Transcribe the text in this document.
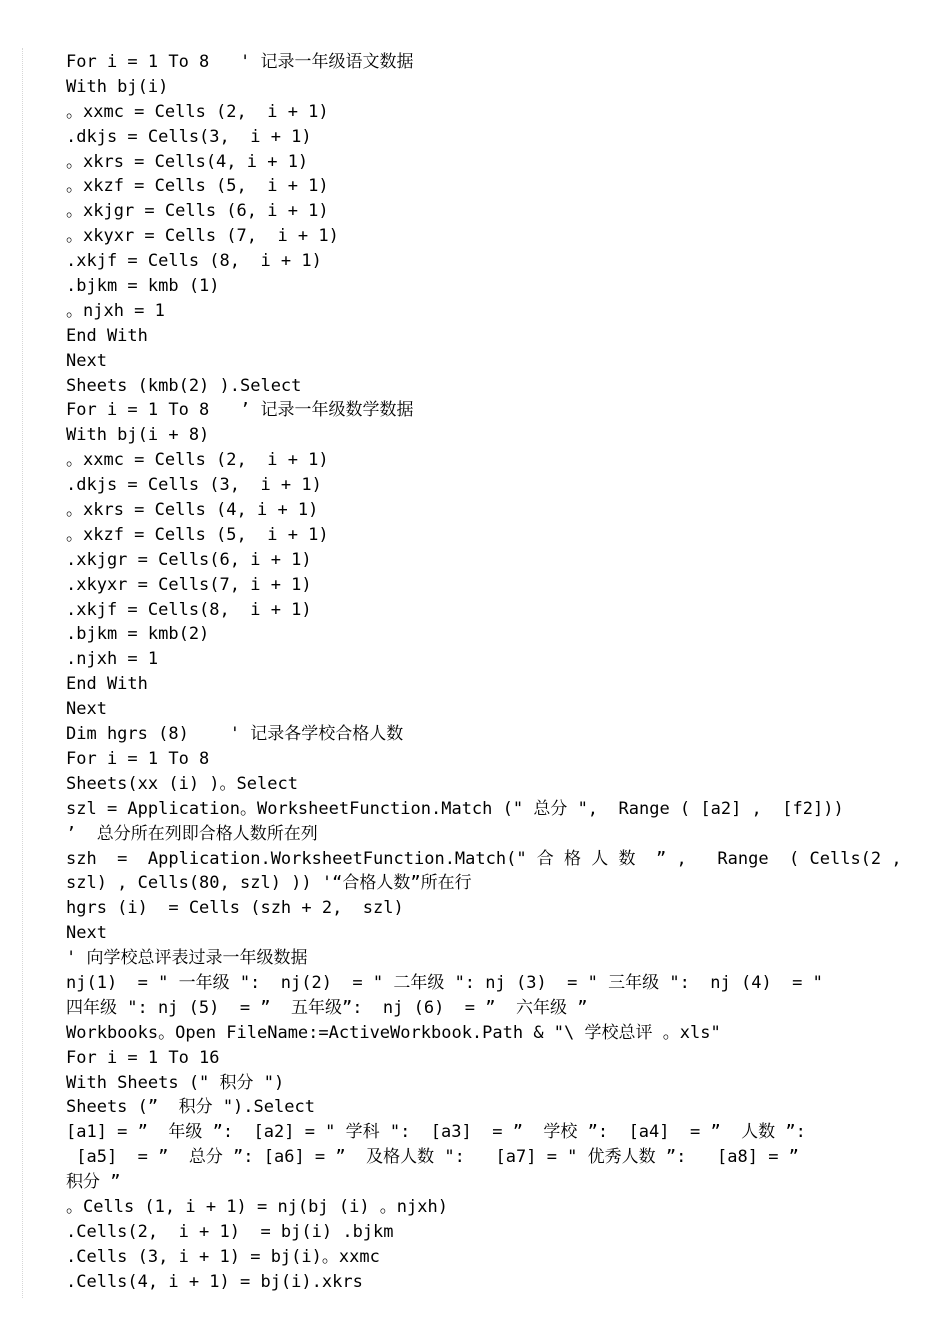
For i = 1 To 8   ' 记录一年级语文数据
With bj(i)
。xxmc = Cells (2,  i + 1)
.dkjs = Cells(3,  i + 1)
。xkrs = Cells(4, i + 1)
。xkzf = Cells (5,  i + 1)
。xkjgr = Cells (6, i + 1)
。xkyxr = Cells (7,  i + 1)
.xkjf = Cells (8,  i + 1)
.bjkm = kmb (1)
。njxh = 1
End With
Next
Sheets (kmb(2) ).Select
For i = 1 To 8   ’ 记录一年级数学数据
With bj(i + 8)
。xxmc = Cells (2,  i + 1)
.dkjs = Cells (3,  i + 1)
。xkrs = Cells (4, i + 1)
。xkzf = Cells (5,  i + 1)
.xkjgr = Cells(6, i + 1)
.xkyxr = Cells(7, i + 1)
.xkjf = Cells(8,  i + 1)
.bjkm = kmb(2)
.njxh = 1
End With
Next
Dim hgrs (8)    ' 记录各学校合格人数
For i = 1 To 8
Sheets(xx (i) )。Select
szl = Application。WorksheetFunction.Match (" 总分 ",  Range ( [a2] ,  [f2]))
’  总分所在列即合格人数所在列
szh  =  Application.WorksheetFunction.Match(" 合 格 人 数  ” ,   Range  ( Cells(2 ,
szl) , Cells(80, szl) )) '“合格人数”所在行
hgrs (i)  = Cells (szh + 2,  szl)
Next
' 向学校总评表过录一年级数据
nj(1)  = " 一年级 ":  nj(2)  = " 二年级 ": nj (3)  = " 三年级 ":  nj (4)  = "
四年级 ": nj (5)  = ”  五年级”:  nj (6)  = ”  六年级 ”
Workbooks。Open FileName:=ActiveWorkbook.Path & "\ 学校总评 。xls"
For i = 1 To 16
With Sheets (" 积分 ")
Sheets (”  积分 ").Select
[a1] = ”  年级 ”:  [a2] = " 学科 ":  [a3]  = ”  学校 ”:  [a4]  = ”  人数 ”:
[a5]  = ”  总分 ”: [a6] = ”  及格人数 ":   [a7] = " 优秀人数 ”:   [a8] = ”
积分 ”
。Cells (1, i + 1) = nj(bj (i) 。njxh)
.Cells(2,  i + 1)  = bj(i) .bjkm
.Cells (3, i + 1) = bj(i)。xxmc
.Cells(4, i + 1) = bj(i).xkrs
